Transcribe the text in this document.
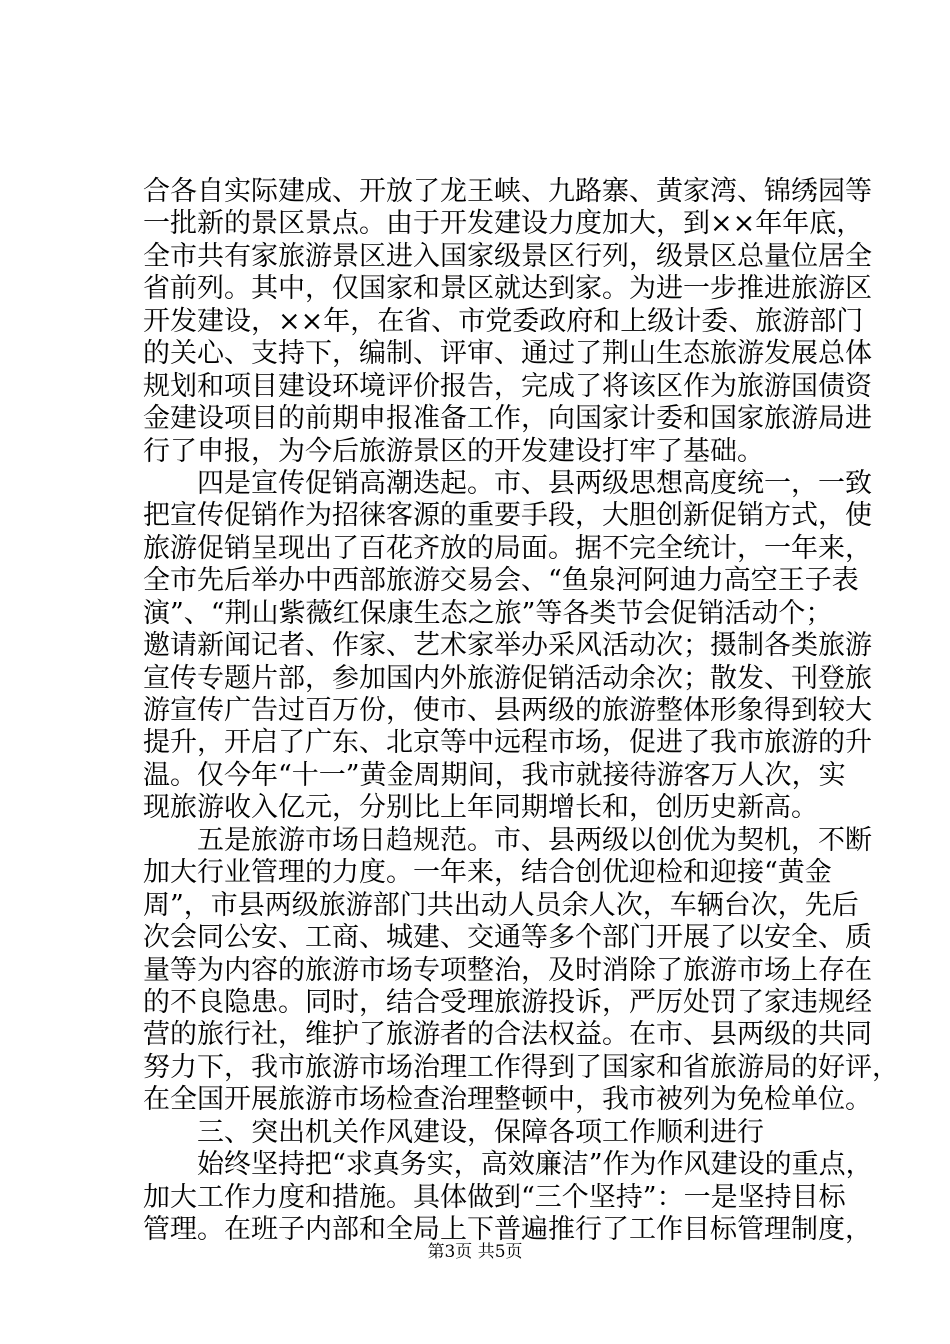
合各自实际建成、开放了龙王峡、九路寨、黄家湾、锦绣园等
一批新的景区景点。由于开发建设力度加大，到××年年底，
全市共有家旅游景区进入国家级景区行列，级景区总量位居全
省前列。其中，仅国家和景区就达到家。为进一步推进旅游区
开发建设，××年，在省、市党委政府和上级计委、旅游部门
的关心、支持下，编制、评审、通过了荆山生态旅游发展总体
规划和项目建设环境评价报告，完成了将该区作为旅游国债资
金建设项目的前期申报准备工作，向国家计委和国家旅游局进
行了申报，为今后旅游景区的开发建设打牢了基础。
四是宣传促销高潮迭起。市、县两级思想高度统一，一致
把宣传促销作为招徕客源的重要手段，大胆创新促销方式，使
旅游促销呈现出了百花齐放的局面。据不完全统计，一年来，
全市先后举办中西部旅游交易会、“鱼泉河阿迪力高空王子表
演”、“荆山紫薇红保康生态之旅”等各类节会促销活动个；
邀请新闻记者、作家、艺术家举办采风活动次；摄制各类旅游
宣传专题片部，参加国内外旅游促销活动余次；散发、刊登旅
游宣传广告过百万份，使市、县两级的旅游整体形象得到较大
提升，开启了广东、北京等中远程市场，促进了我市旅游的升
温。仅今年“十一”黄金周期间，我市就接待游客万人次，实
现旅游收入亿元，分别比上年同期增长和，创历史新高。
五是旅游市场日趋规范。市、县两级以创优为契机，不断
加大行业管理的力度。一年来，结合创优迎检和迎接“黄金
周”，市县两级旅游部门共出动人员余人次，车辆台次，先后
次会同公安、工商、城建、交通等多个部门开展了以安全、质
量等为内容的旅游市场专项整治，及时消除了旅游市场上存在
的不良隐患。同时，结合受理旅游投诉，严厉处罚了家违规经
营的旅行社，维护了旅游者的合法权益。在市、县两级的共同
努力下，我市旅游市场治理工作得到了国家和省旅游局的好评，
在全国开展旅游市场检查治理整顿中，我市被列为免检单位。
三、突出机关作风建设，保障各项工作顺利进行
始终坚持把“求真务实，高效廉洁”作为作风建设的重点，
加大工作力度和措施。具体做到“三个坚持”：一是坚持目标
管理。在班子内部和全局上下普遍推行了工作目标管理制度，
第3页 共5页
